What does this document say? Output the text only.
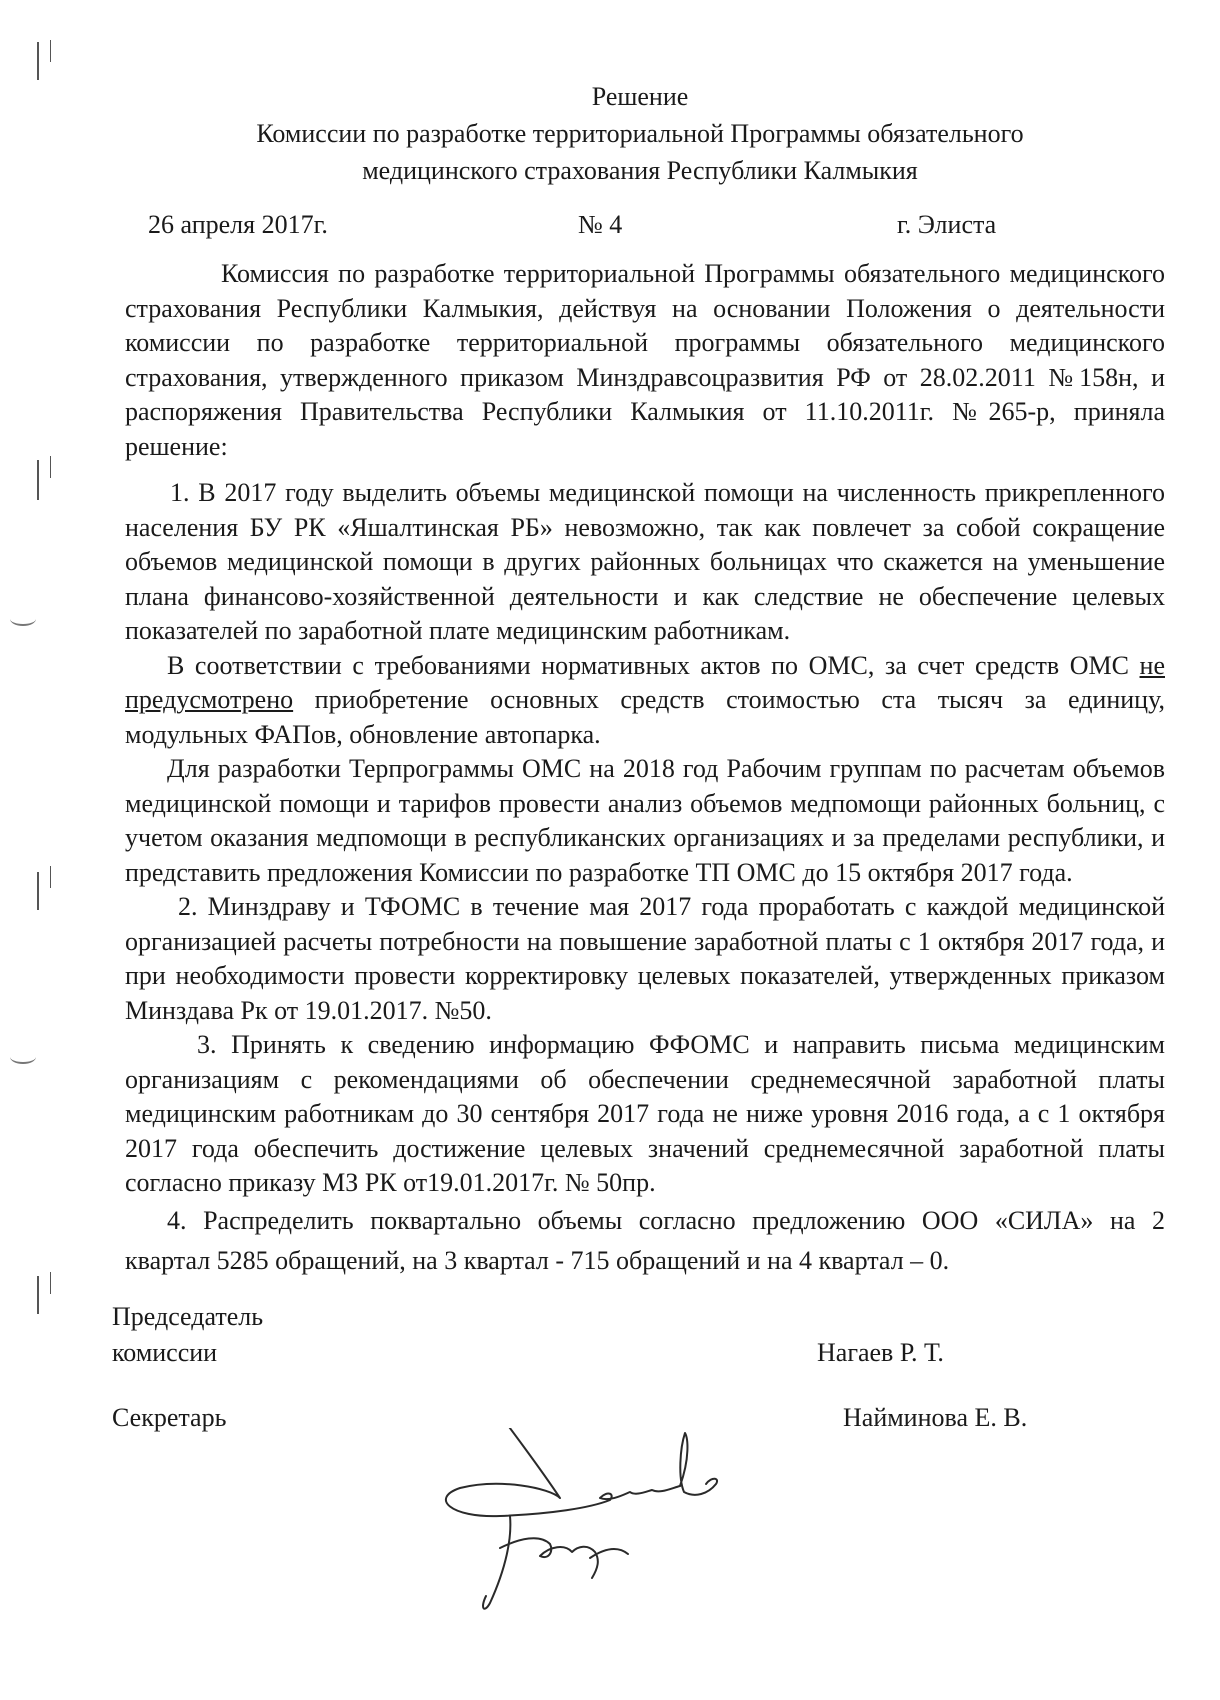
Решение
Комиссии по разработке территориальной Программы обязательного
медицинского страхования Республики Калмыкия
26 апреля 2017г.	№ 4	г. Элиста

Комиссия по разработке территориальной Программы обязательного медицинского страхования Республики Калмыкия, действуя на основании Положения о деятельности комиссии по разработке территориальной программы обязательного медицинского страхования, утвержденного приказом Минздравсоцразвития РФ от 28.02.2011 №158н, и распоряжения Правительства Республики Калмыкия от 11.10.2011г. №265-р, приняла решение:

1. В 2017 году выделить объемы медицинской помощи на численность прикрепленного населения БУ РК «Яшалтинская РБ» невозможно, так как повлечет за собой сокращение объемов медицинской помощи в других районных больницах что скажется на уменьшение плана финансово-хозяйственной деятельности и как следствие не обеспечение целевых показателей по заработной плате медицинским работникам.

В соответствии с требованиями нормативных актов по ОМС, за счет средств ОМС не предусмотрено приобретение основных средств стоимостью ста тысяч за единицу, модульных ФАПов, обновление автопарка.

Для разработки Терпрограммы ОМС на 2018 год Рабочим группам по расчетам объемов медицинской помощи и тарифов провести анализ объемов медпомощи районных больниц, с учетом оказания медпомощи в республиканских организациях и за пределами республики, и представить предложения Комиссии по разработке ТП ОМС до 15 октября 2017 года.

2. Минздраву и ТФОМС в течение мая 2017 года проработать с каждой медицинской организацией расчеты потребности на повышение заработной платы с 1 октября 2017 года, и при необходимости провести корректировку целевых показателей, утвержденных приказом Минздава Рк от 19.01.2017. №50.

3. Принять к сведению информацию ФФОМС и направить письма медицинским организациям с рекомендациями об обеспечении среднемесячной заработной платы медицинским работникам до 30 сентября 2017 года не ниже уровня 2016 года, а с 1 октября 2017 года обеспечить достижение целевых значений среднемесячной заработной платы согласно приказу МЗ РК от19.01.2017г. № 50пр.

4. Распределить поквартально объемы согласно предложению ООО «СИЛА» на 2 квартал 5285 обращений, на 3 квартал - 715 обращений и на 4 квартал – 0.

Председатель
комиссии	Нагаев Р. Т.
Секретарь	Найминова Е. В.
